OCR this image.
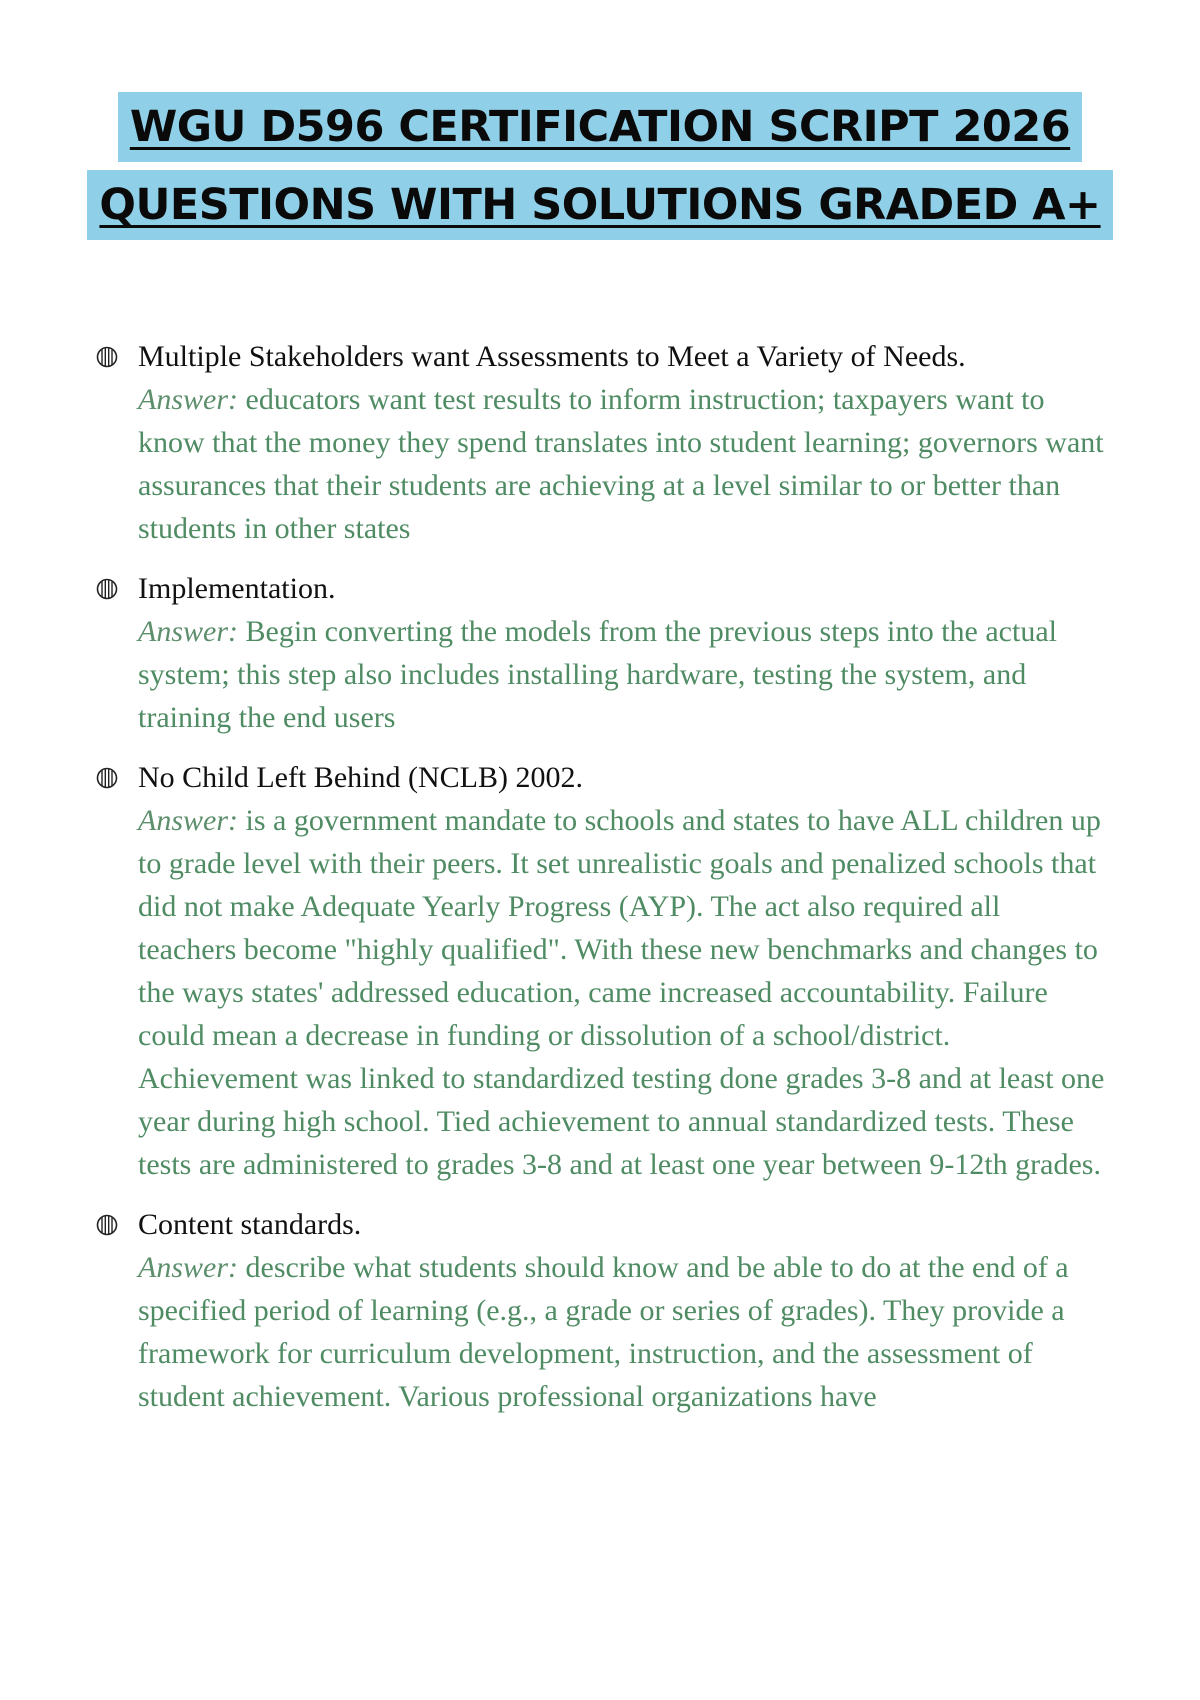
WGU D596 CERTIFICATION SCRIPT 2026
QUESTIONS WITH SOLUTIONS GRADED A+
Multiple Stakeholders want Assessments to Meet a Variety of Needs.
Answer: educators want test results to inform instruction; taxpayers want to know that the money they spend translates into student learning; governors want assurances that their students are achieving at a level similar to or better than students in other states
Implementation.
Answer: Begin converting the models from the previous steps into the actual system; this step also includes installing hardware, testing the system, and training the end users
No Child Left Behind (NCLB) 2002.
Answer: is a government mandate to schools and states to have ALL children up to grade level with their peers. It set unrealistic goals and penalized schools that did not make Adequate Yearly Progress (AYP). The act also required all teachers become "highly qualified". With these new benchmarks and changes to the ways states' addressed education, came increased accountability. Failure could mean a decrease in funding or dissolution of a school/district. Achievement was linked to standardized testing done grades 3-8 and at least one year during high school. Tied achievement to annual standardized tests. These tests are administered to grades 3-8 and at least one year between 9-12th grades.
Content standards.
Answer: describe what students should know and be able to do at the end of a specified period of learning (e.g., a grade or series of grades). They provide a framework for curriculum development, instruction, and the assessment of student achievement. Various professional organizations have
